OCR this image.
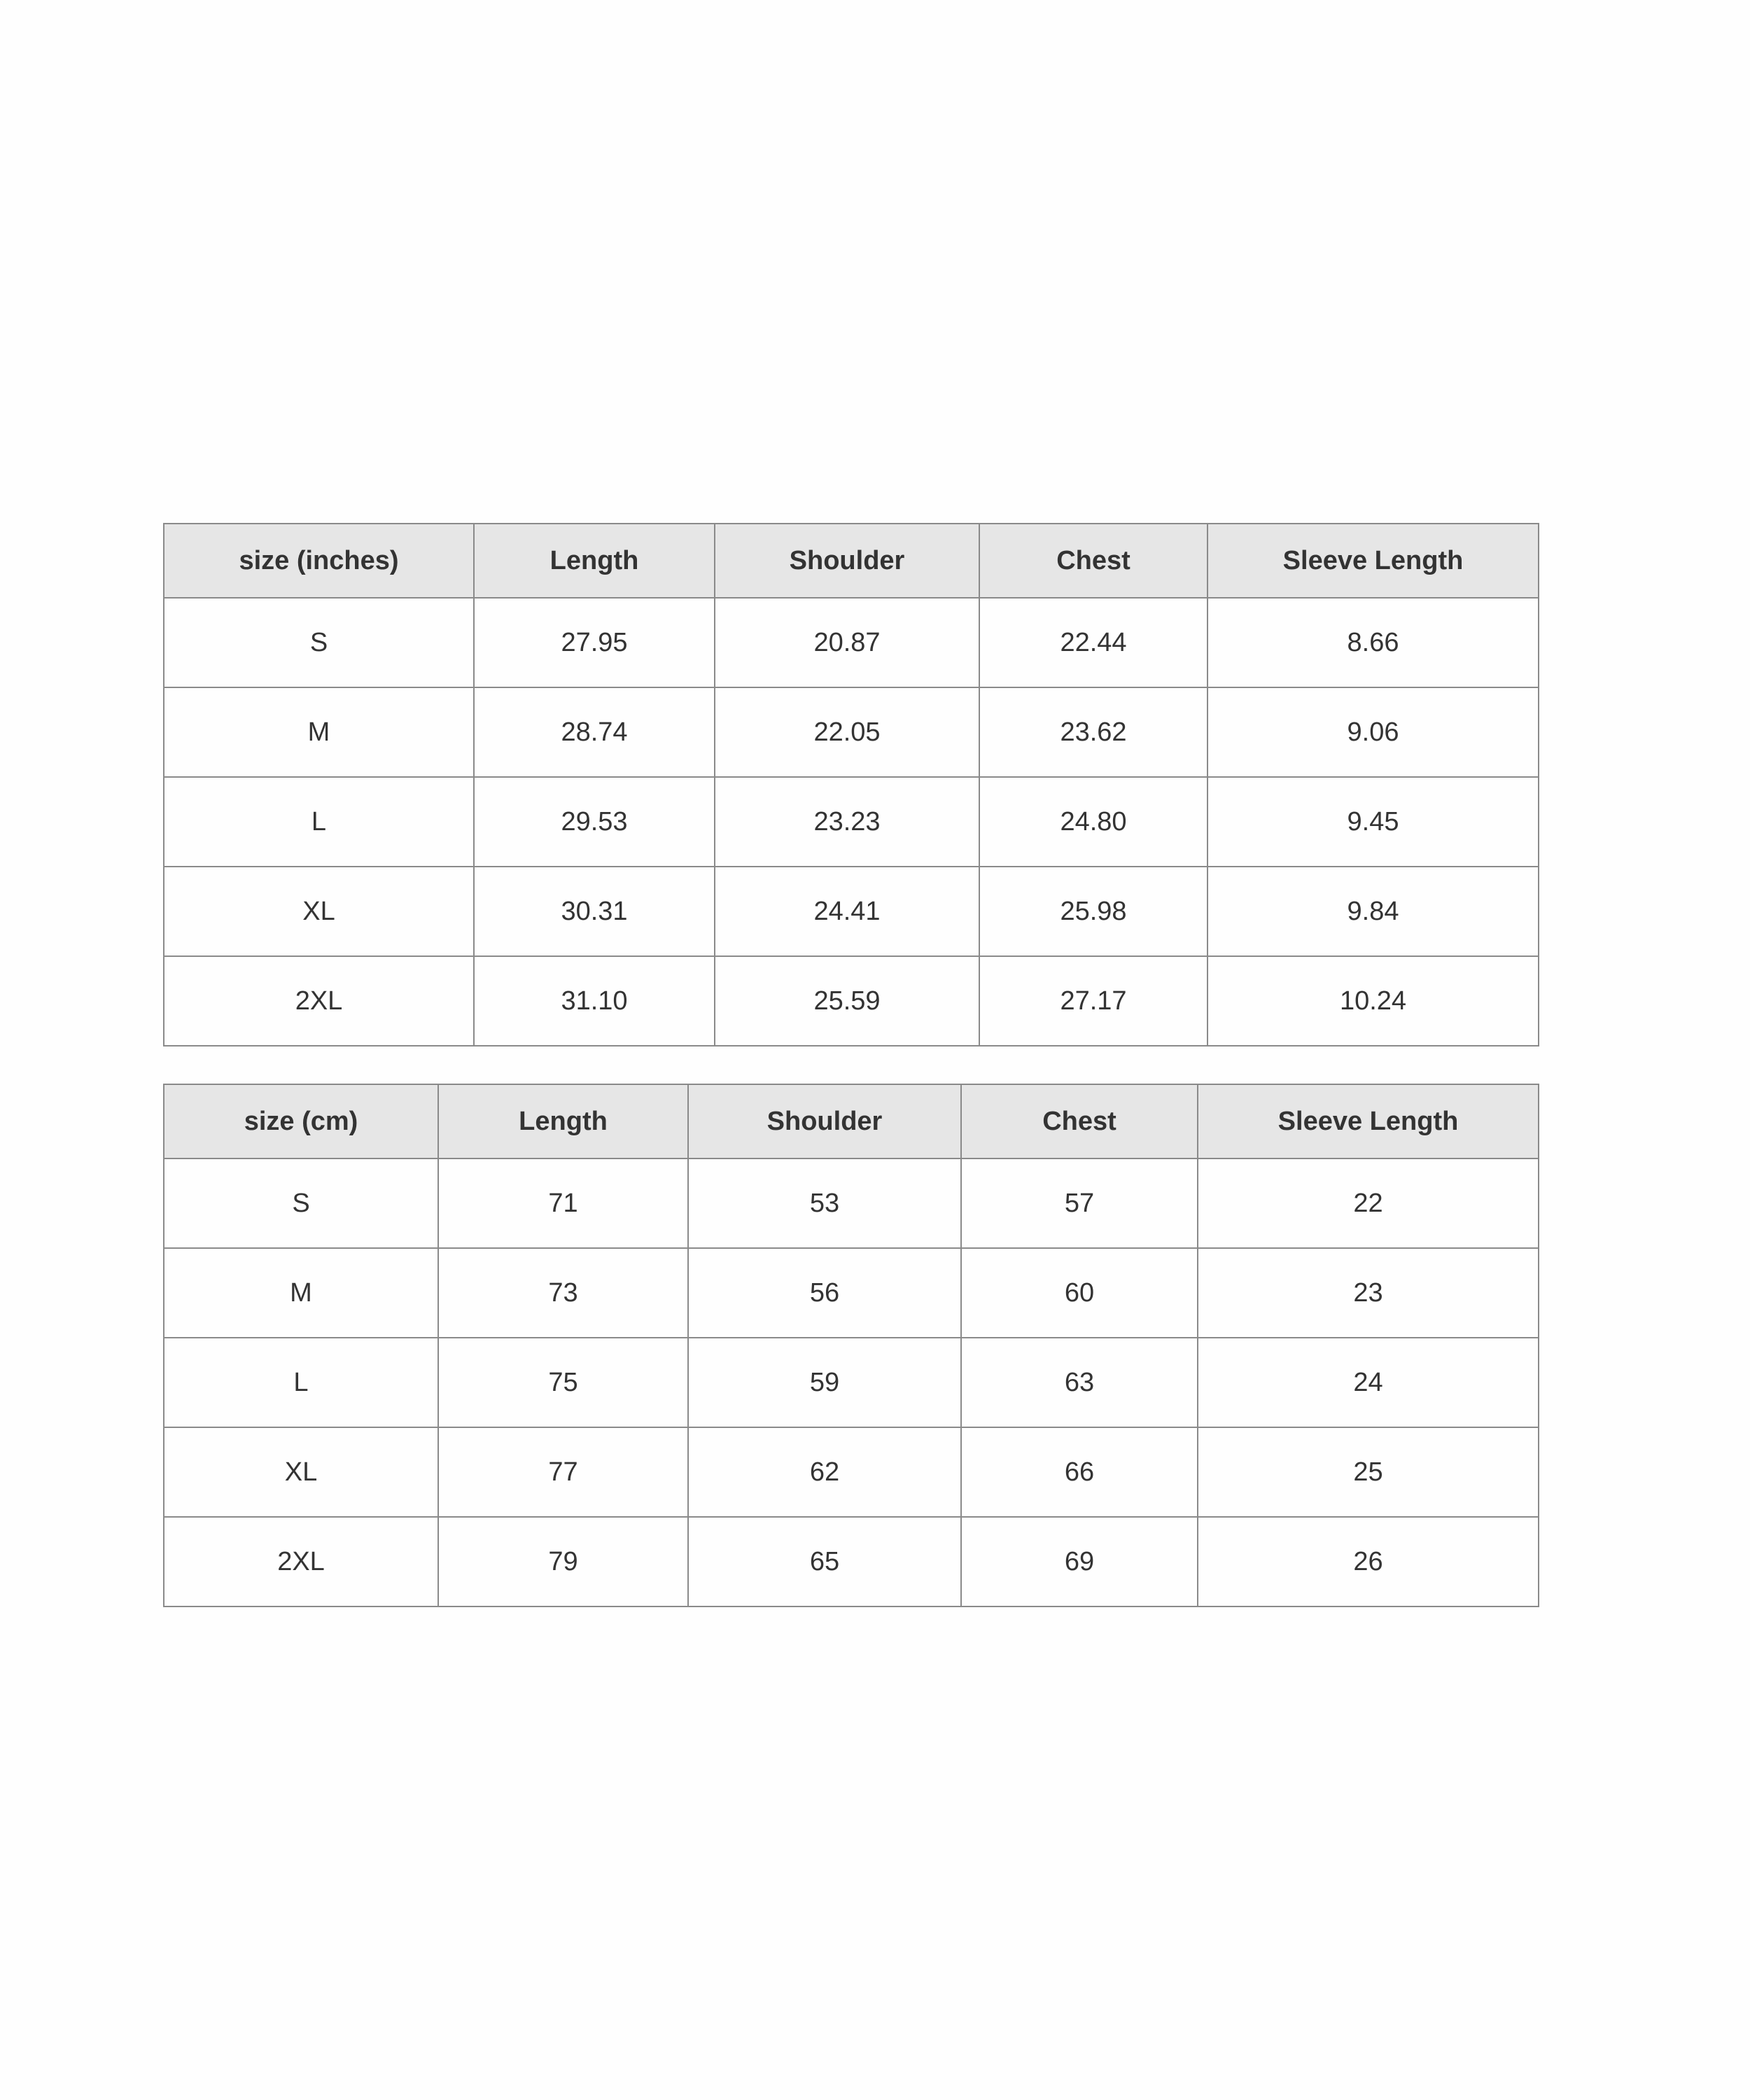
size (inches)	Length	Shoulder	Chest	Sleeve Length
S	27.95	20.87	22.44	8.66
M	28.74	22.05	23.62	9.06
L	29.53	23.23	24.80	9.45
XL	30.31	24.41	25.98	9.84
2XL	31.10	25.59	27.17	10.24
size (cm)	Length	Shoulder	Chest	Sleeve Length
S	71	53	57	22
M	73	56	60	23
L	75	59	63	24
XL	77	62	66	25
2XL	79	65	69	26
